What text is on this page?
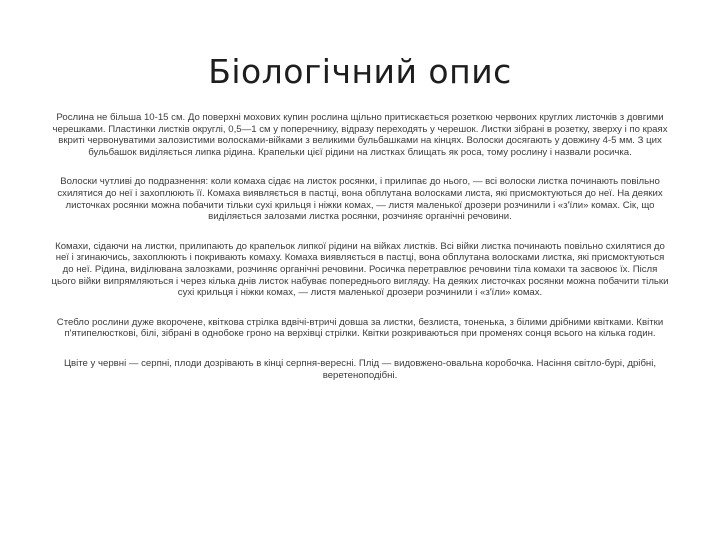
Біологічний опис

Рослина не більша 10-15 см. До поверхні мохових купин рослина щільно притискається розеткою червоних круглих листочків з довгими черешками. Пластинки листків округлі, 0,5—1 см у поперечнику, відразу переходять у черешок. Листки зібрані в розетку, зверху і по краях вкриті червонуватими залозистими волосками-війками з великими бульбашками на кінцях. Волоски досягають у довжину 4-5 мм. З цих бульбашок виділяється липка рідина. Крапельки цієї рідини на листках блищать як роса, тому рослину і назвали росичка.

Волоски чутливі до подразнення: коли комаха сідає на листок росянки, і прилипає до нього, — всі волоски листка починають повільно схилятися до неї і захоплюють її. Комаха виявляється в пастці, вона обплутана волосками листа, які присмоктуються до неї. На деяких листочках росянки можна побачити тільки сухі крильця і ніжки комах, — листя маленької дрозери розчинили і «з'їли» комах. Сік, що виділяється залозами листка росянки, розчиняє органічні речовини.

Комахи, сідаючи на листки, прилипають до крапельок липкої рідини на війках листків. Всі війки листка починають повільно схилятися до неї і згинаючись, захоплюють і покривають комаху. Комаха виявляється в пастці, вона обплутана волосками листка, які присмоктуються до неї. Рідина, виділювана залозками, розчиняє органічні речовини. Росичка перетравлює речовини тіла комахи та засвоює їх. Після цього війки випрямляються і через кілька днів листок набуває попереднього вигляду. На деяких листочках росянки можна побачити тільки сухі крильця і ніжки комах, — листя маленької дрозери розчинили і «з'їли» комах.

Стебло рослини дуже вкорочене, квіткова стрілка вдвічі-втричі довша за листки, безлиста, тоненька, з білими дрібними квітками. Квітки п'ятипелюсткові, білі, зібрані в однобоке гроно на верхівці стрілки. Квітки розкриваються при променях сонця всього на кілька годин.

Цвіте у червні — серпні, плоди дозрівають в кінці серпня-вересні. Плід — видовжено-овальна коробочка. Насіння світло-бурі, дрібні, веретеноподібні.
